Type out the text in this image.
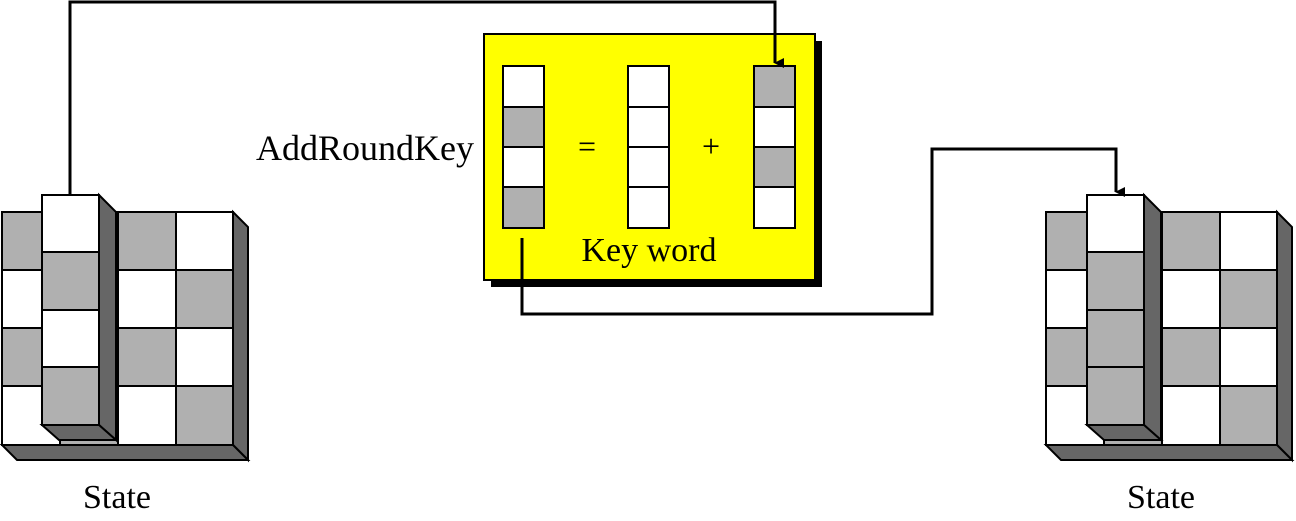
=	+
Key word
AddRoundKey
State	State
